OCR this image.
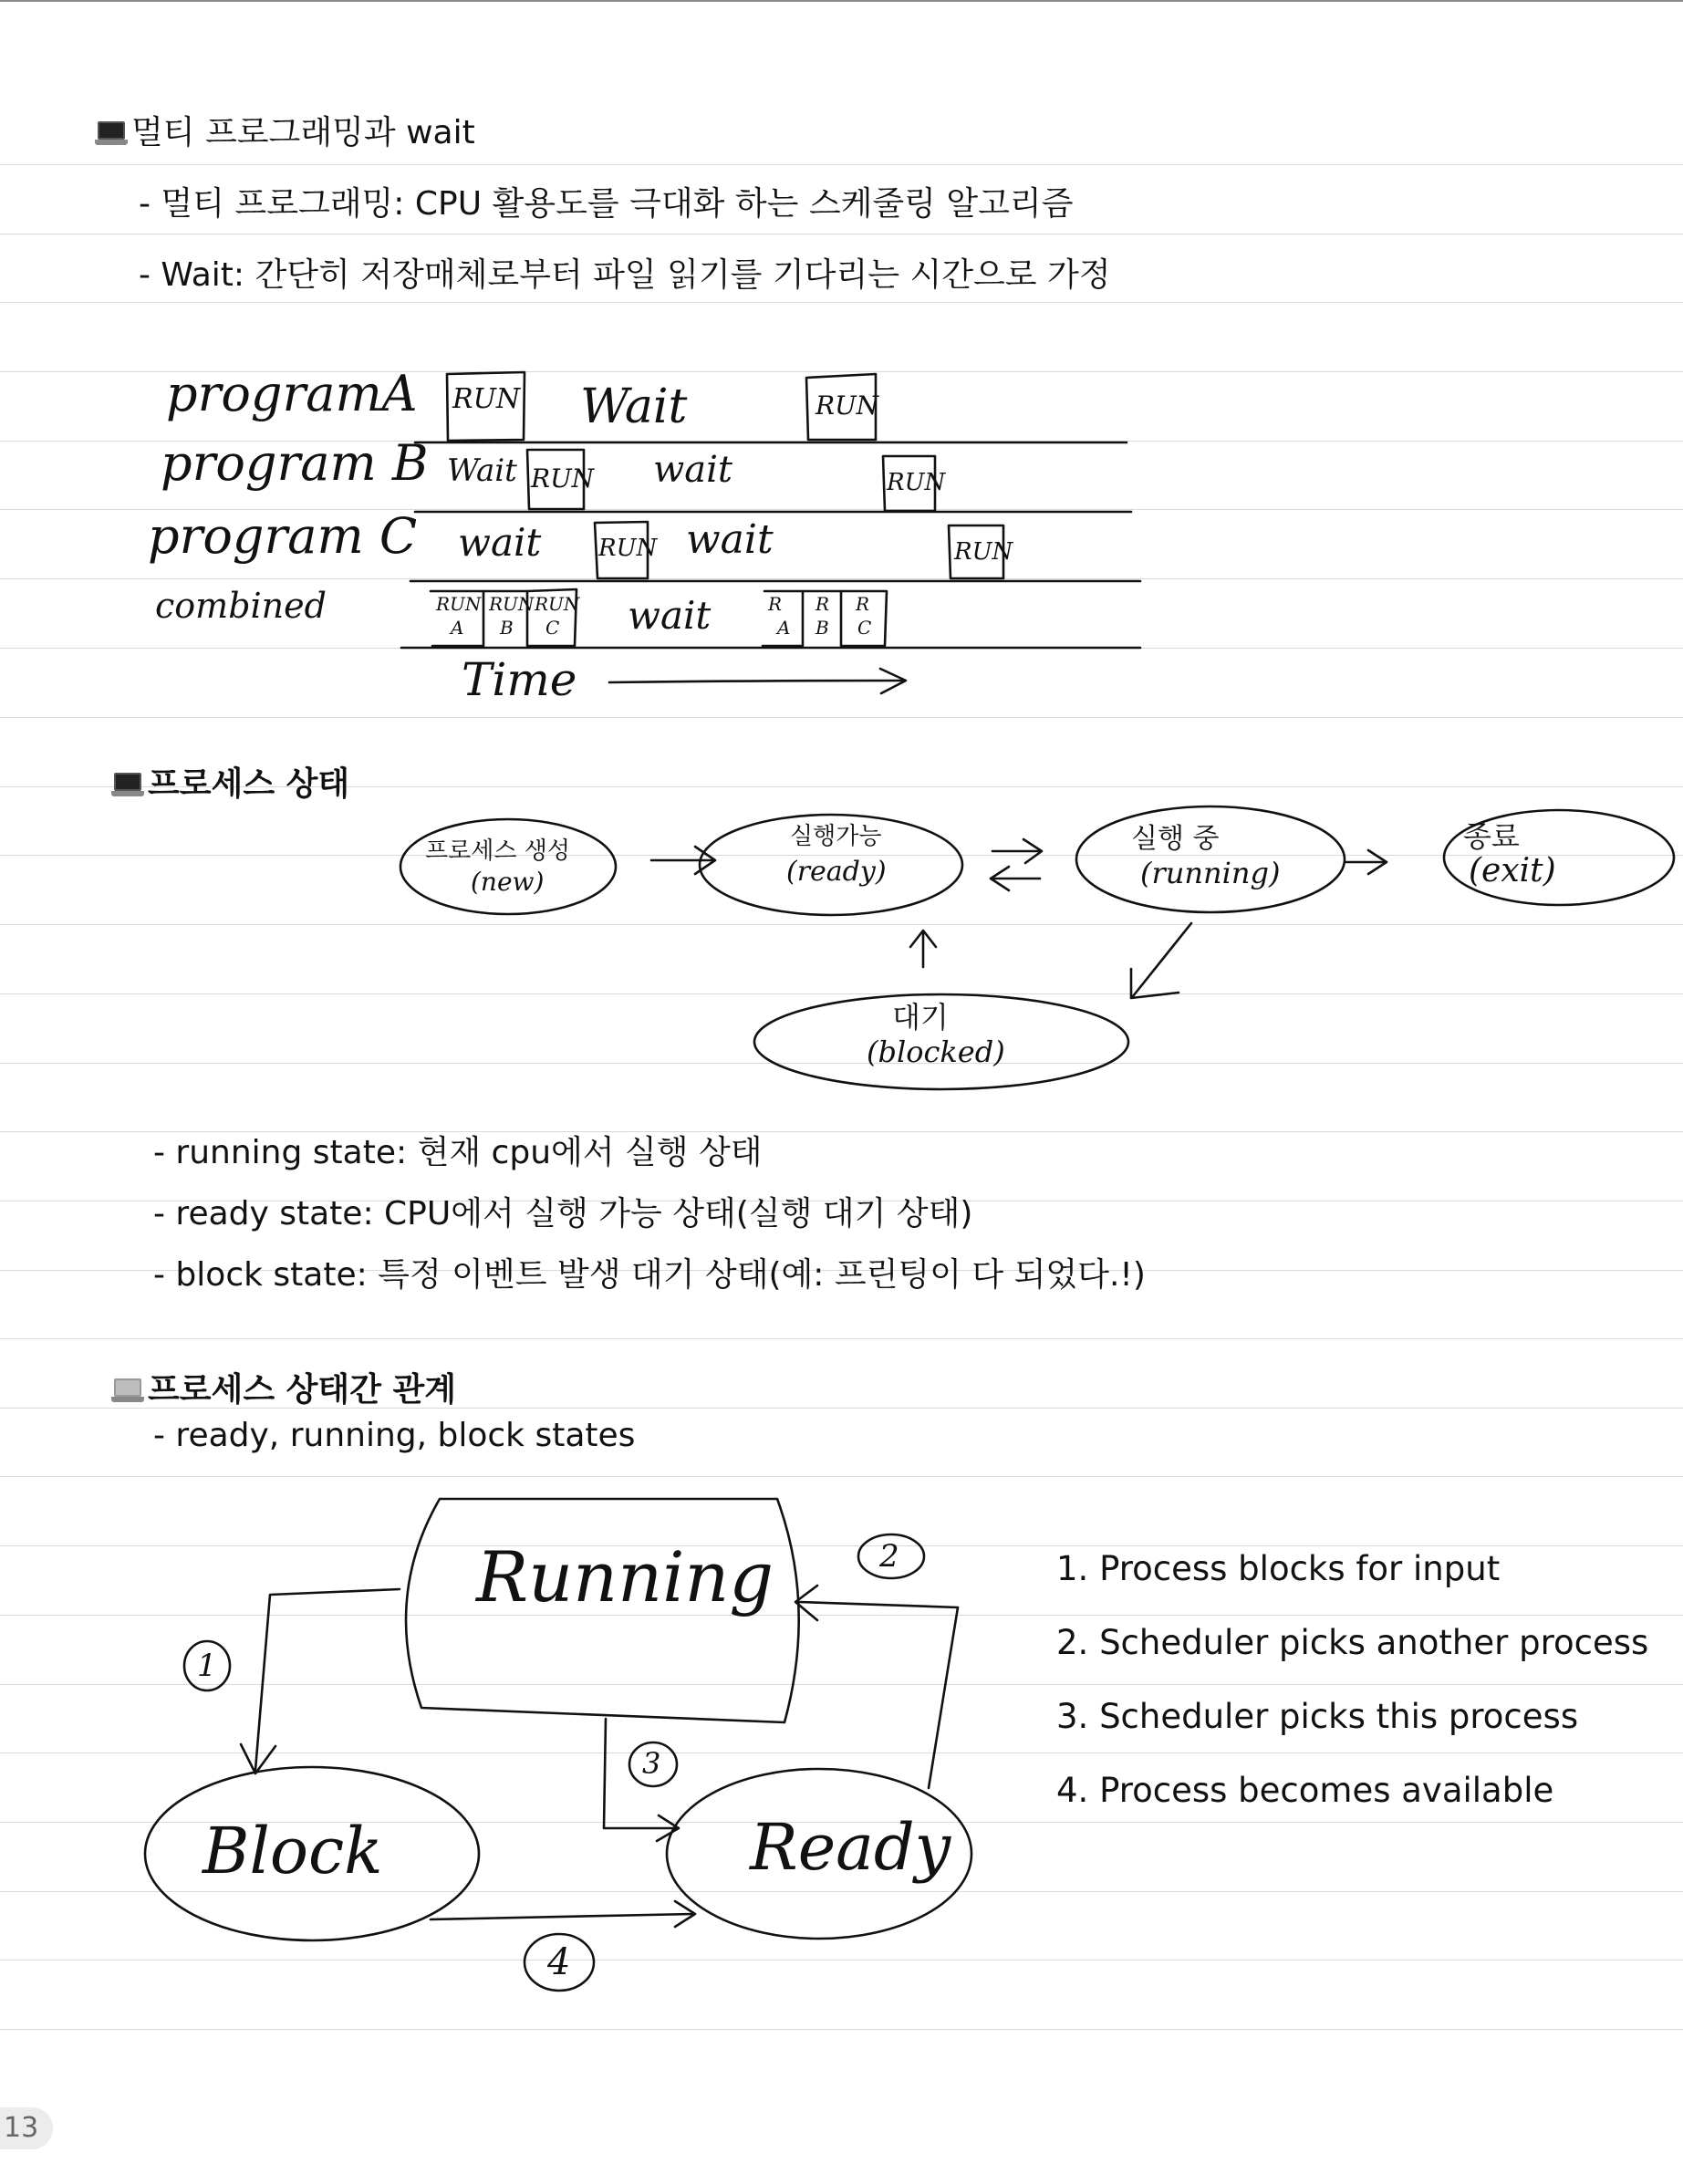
멀티 프로그래밍과 wait
- 멀티 프로그래밍: CPU 활용도를 극대화 하는 스케줄링 알고리즘
- Wait: 간단히 저장매체로부터 파일 읽기를 기다리는 시간으로 가정
programA
program B
program C
combined
RUN Wait	RUN
Wait RUN wait	RUN
wait RUN wait	RUN
RUN
A
RUN
B
RUN
C wait	R
A
R
B
R
C
Time
프로세스 상태
프로세스 생성
(new)
실행가능
(ready)
실행 중
(running)
종료
(exit)
대기
(blocked)
- running state: 현재 cpu에서 실행 상태
- ready state: CPU에서 실행 가능 상태(실행 대기 상태)
- block state: 특정 이벤트 발생 대기 상태(예: 프린팅이 다 되었다.!)
프로세스 상태간 관계
- ready, running, block states
Running
Block	Ready
1
2
3
4
1. Process blocks for input
2. Scheduler picks another process
3. Scheduler picks this process
4. Process becomes available
13
